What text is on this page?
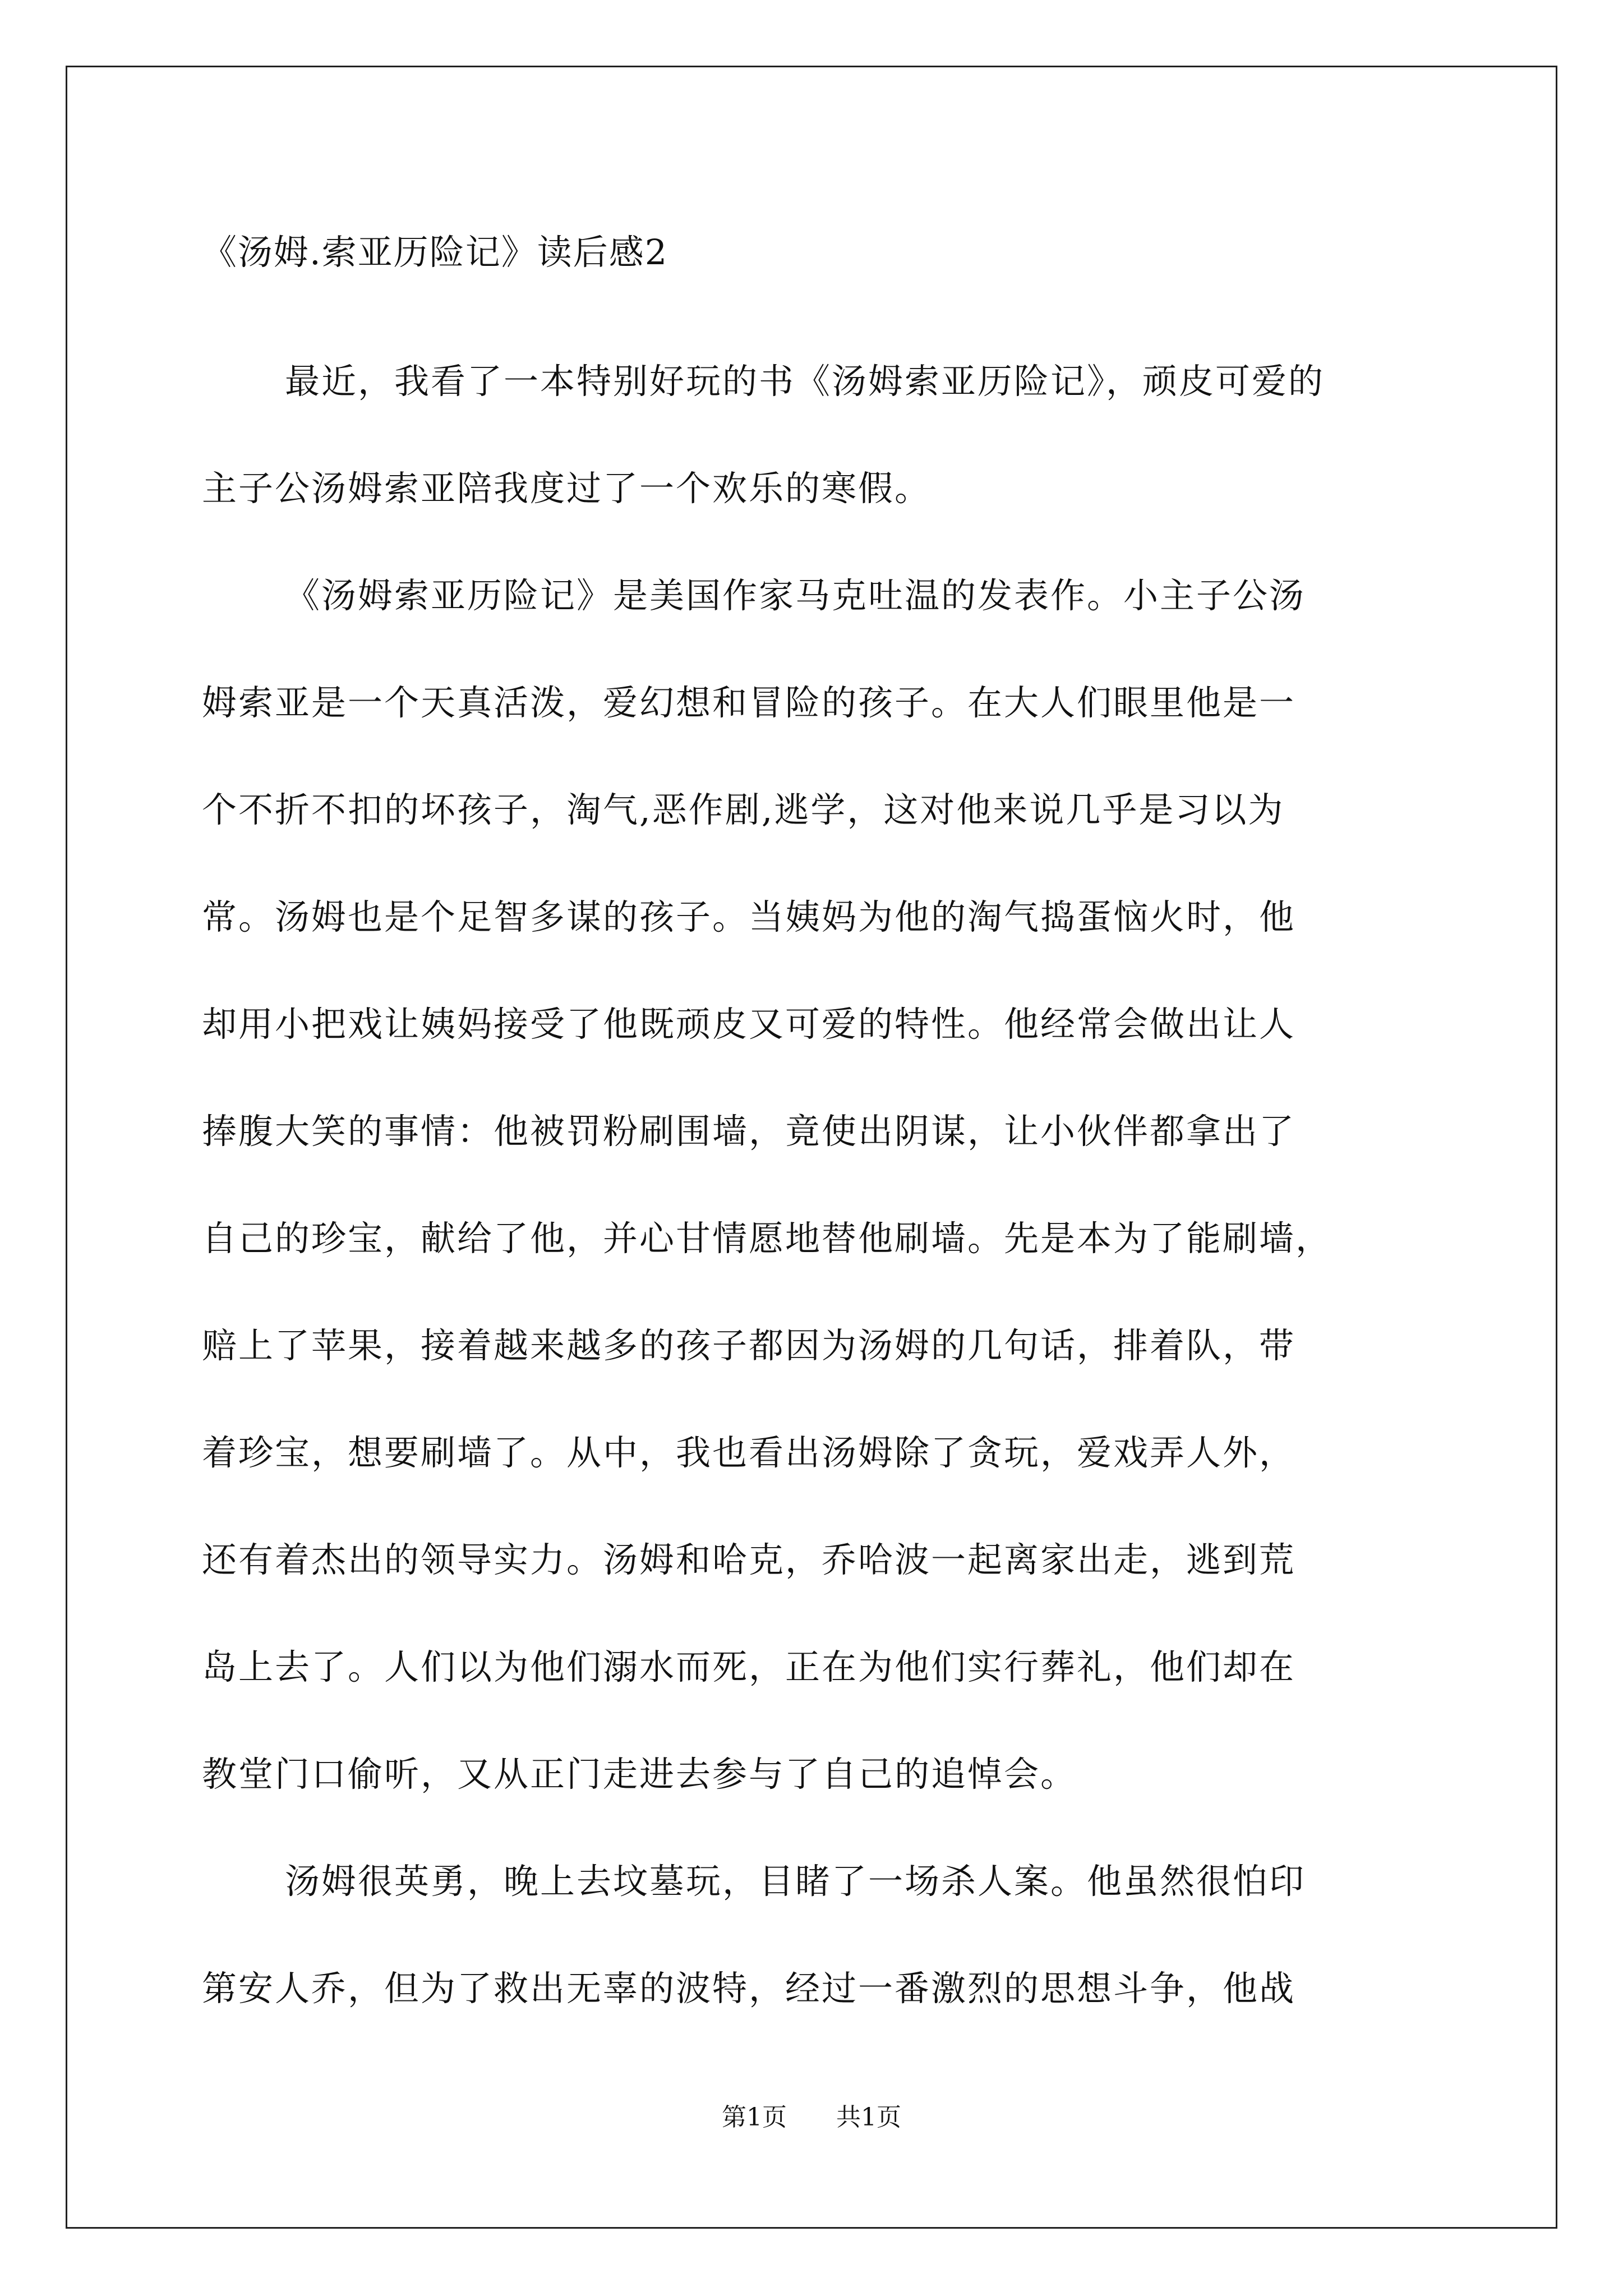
《汤姆.索亚历险记》读后感2
最近，我看了一本特别好玩的书《汤姆索亚历险记》，顽皮可爱的
主子公汤姆索亚陪我度过了一个欢乐的寒假。
《汤姆索亚历险记》是美国作家马克吐温的发表作。小主子公汤
姆索亚是一个天真活泼，爱幻想和冒险的孩子。在大人们眼里他是一
个不折不扣的坏孩子，淘气,恶作剧,逃学，这对他来说几乎是习以为
常。汤姆也是个足智多谋的孩子。当姨妈为他的淘气捣蛋恼火时，他
却用小把戏让姨妈接受了他既顽皮又可爱的特性。他经常会做出让人
捧腹大笑的事情：他被罚粉刷围墙，竟使出阴谋，让小伙伴都拿出了
自己的珍宝，献给了他，并心甘情愿地替他刷墙。先是本为了能刷墙，
赔上了苹果，接着越来越多的孩子都因为汤姆的几句话，排着队，带
着珍宝，想要刷墙了。从中，我也看出汤姆除了贪玩，爱戏弄人外，
还有着杰出的领导实力。汤姆和哈克，乔哈波一起离家出走，逃到荒
岛上去了。人们以为他们溺水而死，正在为他们实行葬礼，他们却在
教堂门口偷听，又从正门走进去参与了自己的追悼会。
汤姆很英勇，晚上去坟墓玩，目睹了一场杀人案。他虽然很怕印
第安人乔，但为了救出无辜的波特，经过一番激烈的思想斗争，他战
第1页 共1页
